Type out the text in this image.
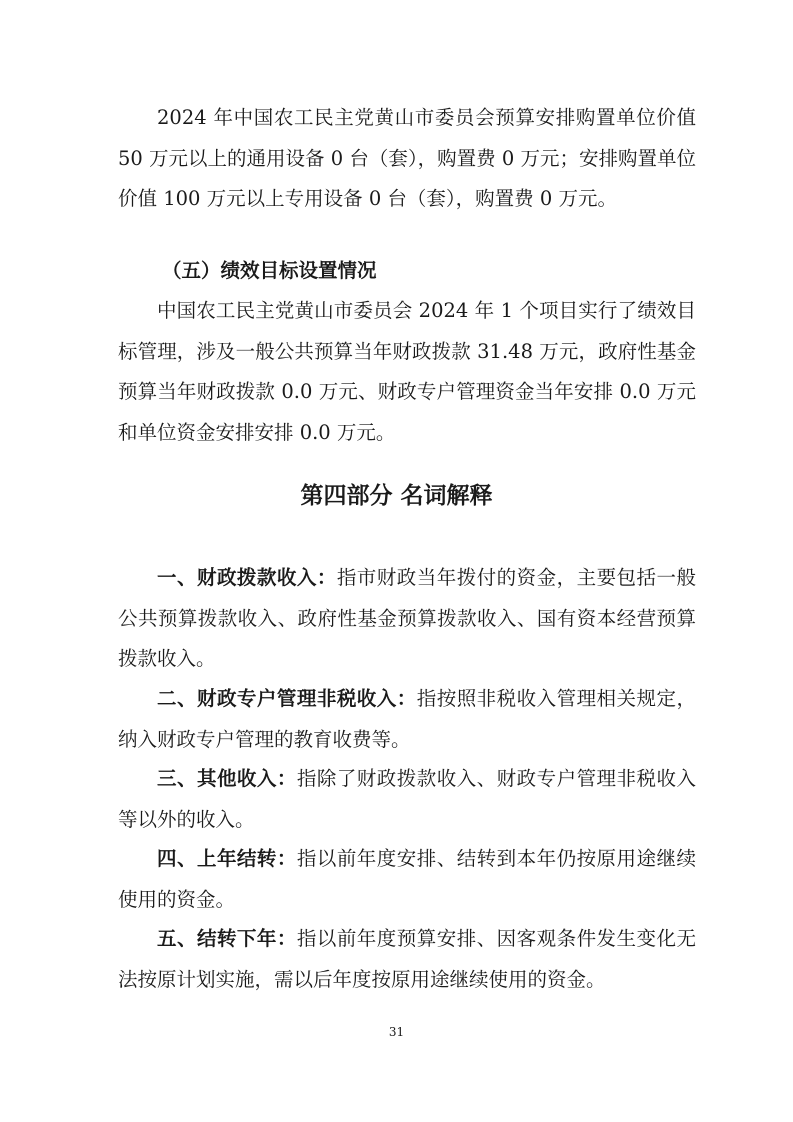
2024 年中国农工民主党黄山市委员会预算安排购置单位价值 50 万元以上的通用设备 0 台（套），购置费 0 万元；安排购置单位价值 100 万元以上专用设备 0 台（套），购置费 0 万元。

（五）绩效目标设置情况

中国农工民主党黄山市委员会 2024 年 1 个项目实行了绩效目标管理，涉及一般公共预算当年财政拨款 31.48 万元，政府性基金预算当年财政拨款 0.0 万元、财政专户管理资金当年安排 0.0 万元和单位资金安排安排 0.0 万元。

第四部分 名词解释

一、财政拨款收入：指市财政当年拨付的资金，主要包括一般公共预算拨款收入、政府性基金预算拨款收入、国有资本经营预算拨款收入。

二、财政专户管理非税收入：指按照非税收入管理相关规定，纳入财政专户管理的教育收费等。

三、其他收入：指除了财政拨款收入、财政专户管理非税收入等以外的收入。

四、上年结转：指以前年度安排、结转到本年仍按原用途继续使用的资金。

五、结转下年：指以前年度预算安排、因客观条件发生变化无法按原计划实施，需以后年度按原用途继续使用的资金。

31
